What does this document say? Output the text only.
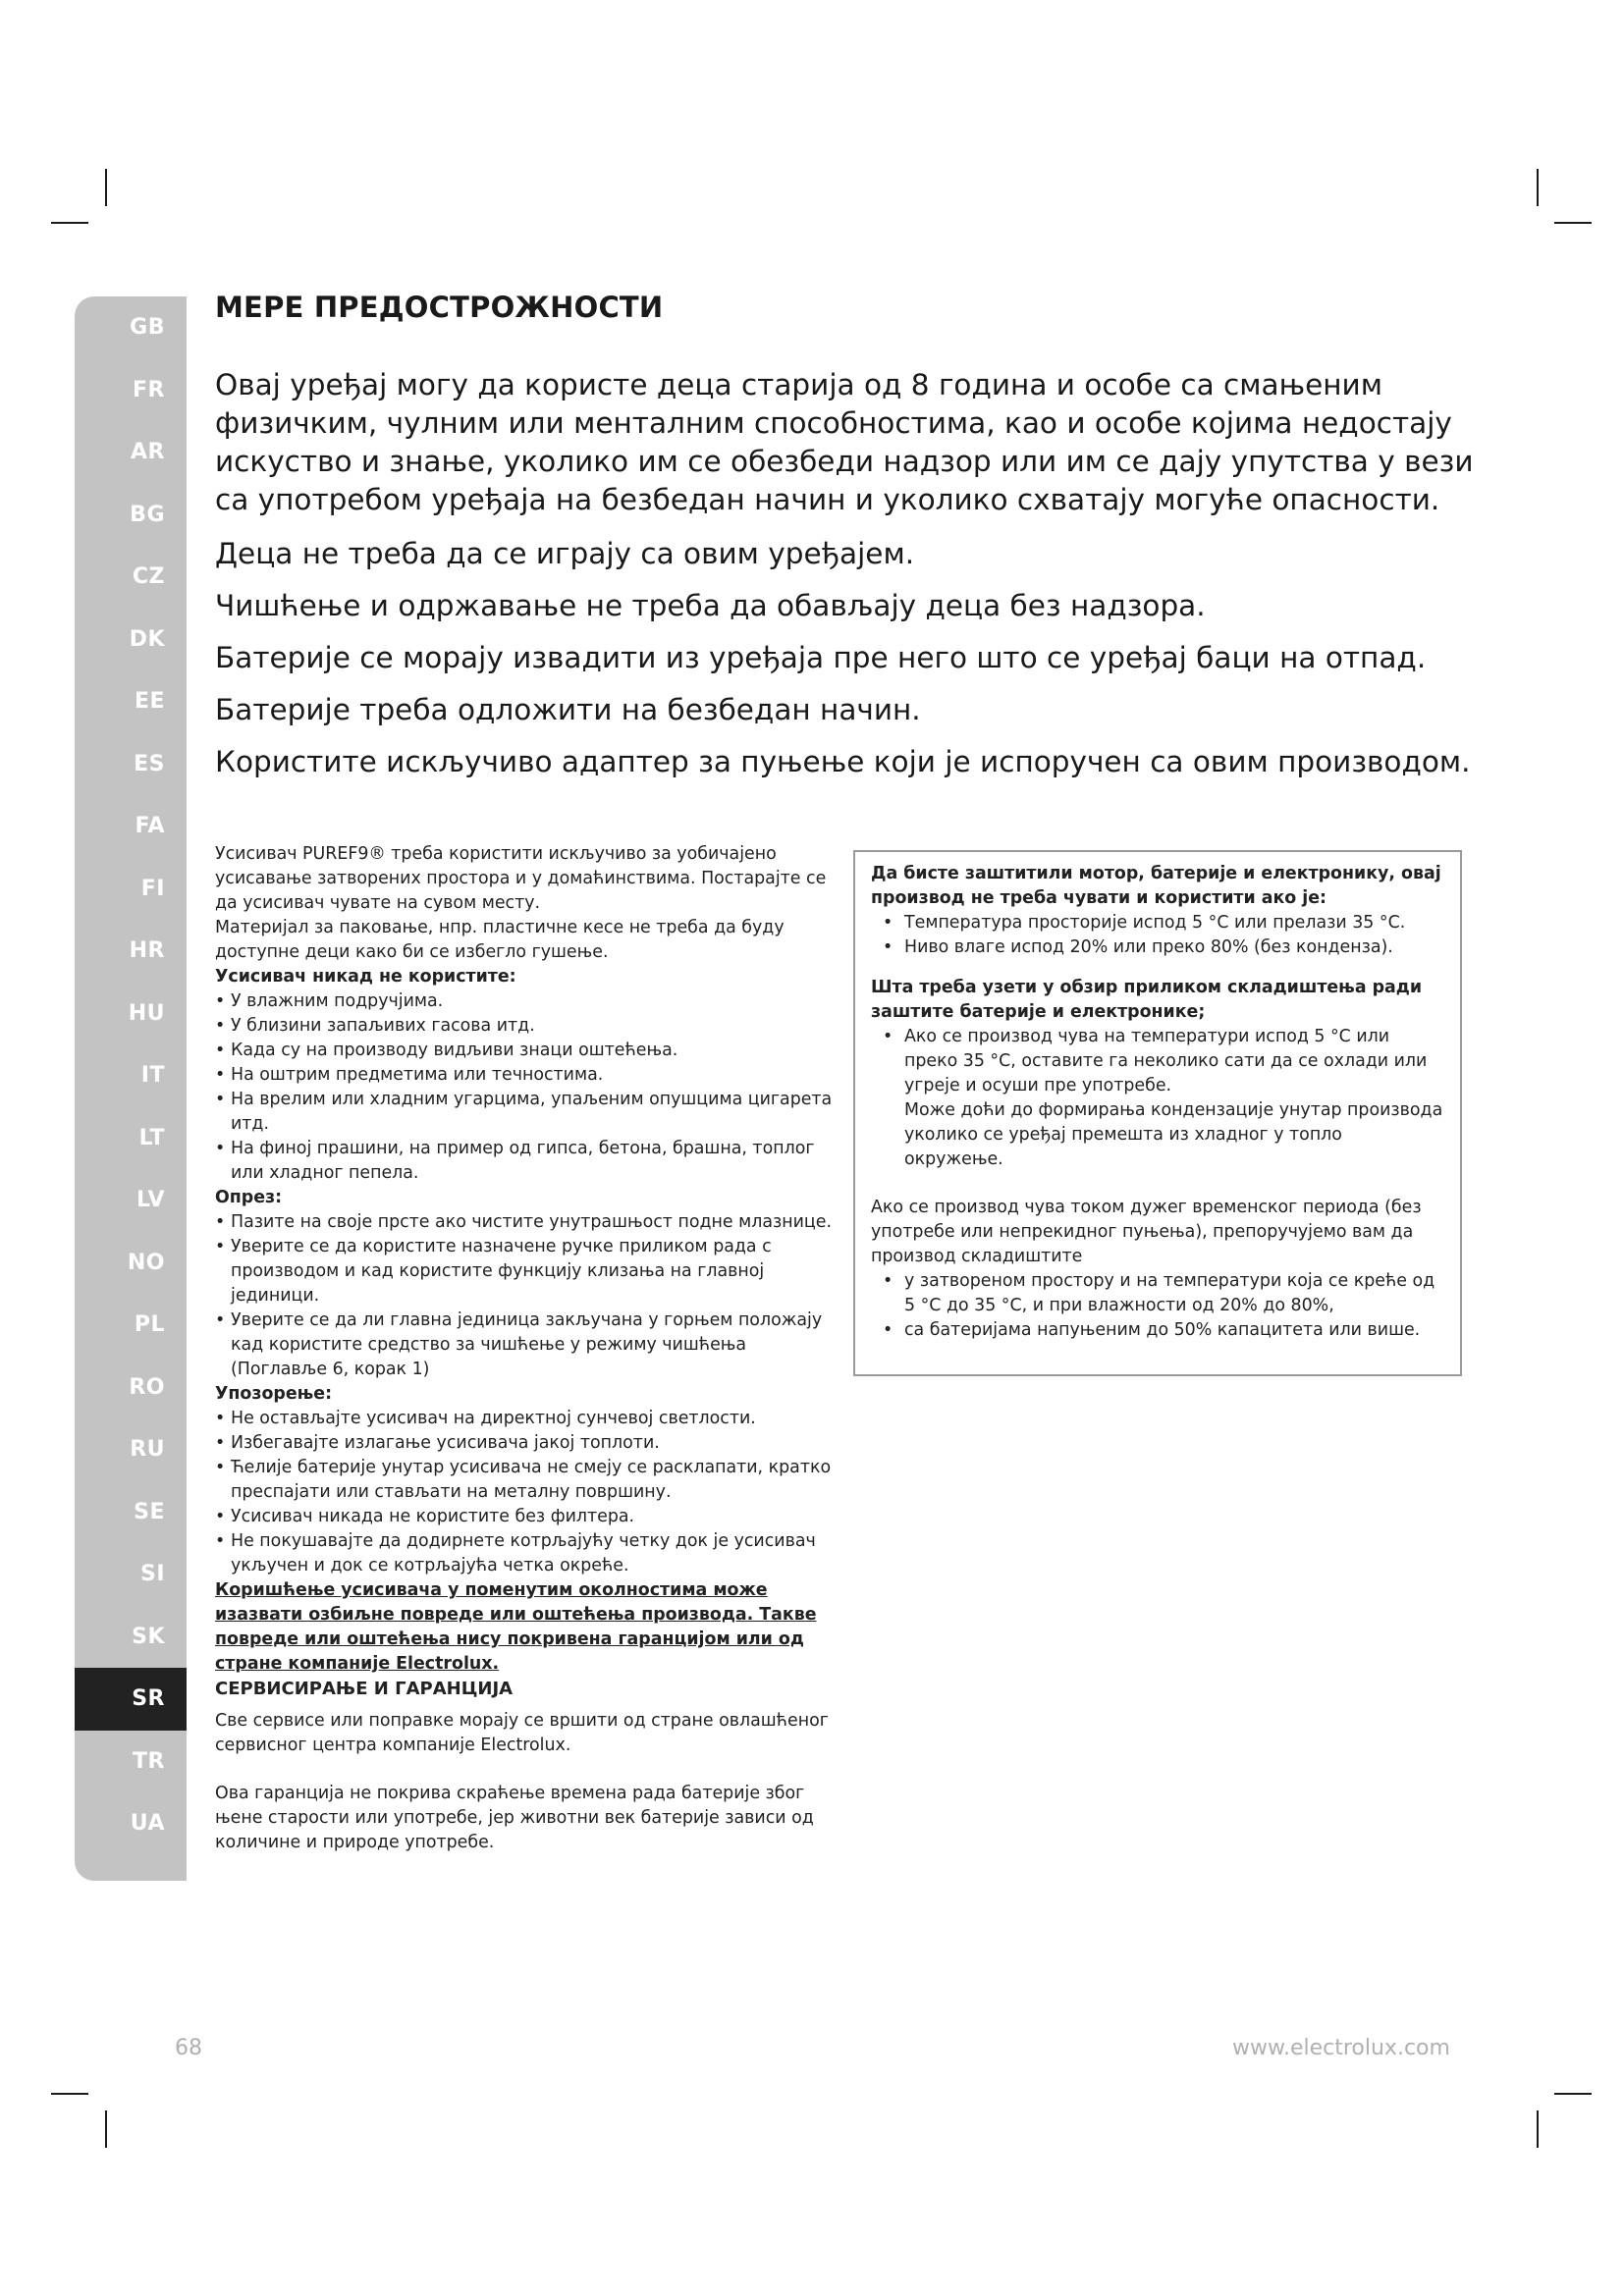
GB
FR
AR
BG
CZ
DK
EE
ES
FA
FI
HR
HU
IT
LT
LV
NO
PL
RO
RU
SE
SI
SK
SR
TR
UA
МЕРЕ ПРЕДОСТРОЖНОСТИ

Овај уређај могу да користе деца старија од 8 година и особе са смањеним физичким, чулним или менталним способностима, као и особе којима недостају искуство и знање, уколико им се обезбеди надзор или им се дају упутства у вези са употребом уређаја на безбедан начин и уколико схватају могуће опасности.

Деца не треба да се играју са овим уређајем.

Чишћење и одржавање не треба да обављају деца без надзора.

Батерије се морају извадити из уређаја пре него што се уређај баци на отпад.

Батерије треба одложити на безбедан начин.

Користите искључиво адаптер за пуњење који је испоручен са овим производом.

Усисивач PUREF9® треба користити искључиво за уобичајено усисавање затворених простора и у домаћинствима. Постарајте се да усисивач чувате на сувом месту.

Материјал за паковање, нпр. пластичне кесе не треба да буду доступне деци како би се избегло гушење.

Усисивач никад не користите:

• У влажним подручјима.
• У близини запаљивих гасова итд.
• Када су на производу видљиви знаци оштећења.
• На оштрим предметима или течностима.
• На врелим или хладним угарцима, упаљеним опушцима цигарета итд.
• На финој прашини, на пример од гипса, бетона, брашна, топлог или хладног пепела.

Опрез:

• Пазите на своје прсте ако чистите унутрашњост подне млазнице.
• Уверите се да користите назначене ручке приликом рада с производом и кад користите функцију клизања на главној јединици.
• Уверите се да ли главна јединица закључана у горњем положају кад користите средство за чишћење у режиму чишћења (Поглавље 6, корак 1)

Упозорење:

• Не остављајте усисивач на директној сунчевој светлости.
• Избегавајте излагање усисивача јакој топлоти.
• Ћелије батерије унутар усисивача не смеју се расклапати, кратко преспајати или стављати на металну површину.
• Усисивач никада не користите без филтера.
• Не покушавајте да додирнете котрљајућу четку док је усисивач укључен и док се котрљајућа четка окреће.

Коришћење усисивача у поменутим околностима може изазвати озбиљне повреде или оштећења производа. Такве повреде или оштећења нису покривена гаранцијом или од стране компаније Electrolux.

СЕРВИСИРАЊЕ И ГАРАНЦИЈА

Све сервисе или поправке морају се вршити од стране овлашћеног сервисног центра компаније Electrolux.

Ова гаранција не покрива скраћење времена рада батерије због њене старости или употребе, јер животни век батерије зависи од количине и природе употребе.

Да бисте заштитили мотор, батерије и електронику, овај производ не треба чувати и користити ако је:

• Температура просторије испод 5 °C или прелази 35 °C.
• Ниво влаге испод 20% или преко 80% (без конденза).

Шта треба узети у обзир приликом складиштења ради заштите батерије и електронике;

• Ако се производ чува на температури испод 5 °C или преко 35 °C, оставите га неколико сати да се охлади или угреје и осуши пре употребе.

Може доћи до формирања кондензације унутар производа уколико се уређај премешта из хладног у топло окружење.

Ако се производ чува током дужег временског периода (без употребе или непрекидног пуњења), препоручујемо вам да производ складиштите

• у затвореном простору и на температури која се креће од 5 °C до 35 °C, и при влажности од 20% до 80%,
• са батеријама напуњеним до 50% капацитета или више.
68	www.electrolux.com
